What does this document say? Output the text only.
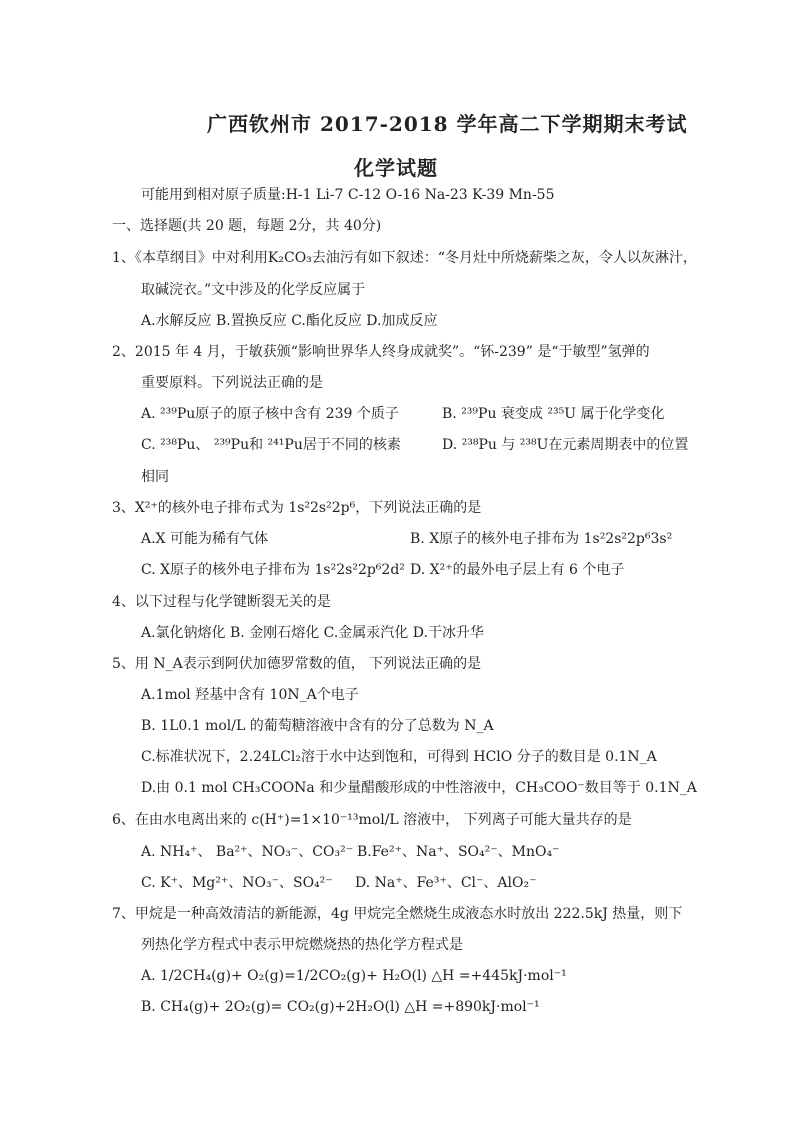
广西钦州市 2017-2018 学年高二下学期期末考试
化学试题
可能用到相对原子质量:H-1 Li-7 C-12 O-16 Na-23 K-39 Mn-55
一、选择题(共 20 题，每题 2分，共 40分)
1、《本草纲目》中对利用K₂CO₃去油污有如下叙述：“冬月灶中所烧薪柴之灰，令人以灰淋汁，
取碱浣衣。”文中涉及的化学反应属于
A.水解反应 B.置换反应 C.酯化反应 D.加成反应
2、2015 年 4 月，于敏获颁“影响世界华人终身成就奖”。“钚-239” 是“于敏型”氢弹的
重要原料。下列说法正确的是
A. ²³⁹Pu原子的原子核中含有 239 个质子	B. ²³⁹Pu 衰变成 ²³⁵U 属于化学变化
C. ²³⁸Pu、 ²³⁹Pu和 ²⁴¹Pu居于不同的核素	D. ²³⁸Pu 与 ²³⁸U在元素周期表中的位置
相同
3、X²⁺的核外电子排布式为 1s²2s²2p⁶，下列说法正确的是
A.X 可能为稀有气体	B. X原子的核外电子排布为 1s²2s²2p⁶3s²
C. X原子的核外电子排布为 1s²2s²2p⁶2d² D. X²⁺的最外电子层上有 6 个电子
4、以下过程与化学键断裂无关的是
A.氯化钠熔化 B. 金刚石熔化 C.金属汞汽化 D.干冰升华
5、用 N_A表示到阿伏加德罗常数的值， 下列说法正确的是
A.1mol 羟基中含有 10N_A个电子
B. 1L0.1 mol/L 的葡萄糖溶液中含有的分了总数为 N_A
C.标准状况下，2.24LCl₂溶于水中达到饱和，可得到 HClO 分子的数目是 0.1N_A
D.由 0.1 mol CH₃COONa 和少量醋酸形成的中性溶液中，CH₃COO⁻数目等于 0.1N_A
6、在由水电离出来的 c(H⁺)=1×10⁻¹³mol/L 溶液中， 下列离子可能大量共存的是
A. NH₄⁺、 Ba²⁺、NO₃⁻、CO₃²⁻ B.Fe²⁺、Na⁺、SO₄²⁻、MnO₄⁻
C. K⁺、Mg²⁺、NO₃⁻、SO₄²⁻ D. Na⁺、Fe³⁺、Cl⁻、AlO₂⁻
7、甲烷是一种高效清洁的新能源，4g 甲烷完全燃烧生成液态水时放出 222.5kJ 热量，则下
列热化学方程式中表示甲烷燃烧热的热化学方程式是
A. 1/2CH₄(g)+ O₂(g)=1/2CO₂(g)+ H₂O(l) △H =+445kJ·mol⁻¹
B. CH₄(g)+ 2O₂(g)= CO₂(g)+2H₂O(l) △H =+890kJ·mol⁻¹
